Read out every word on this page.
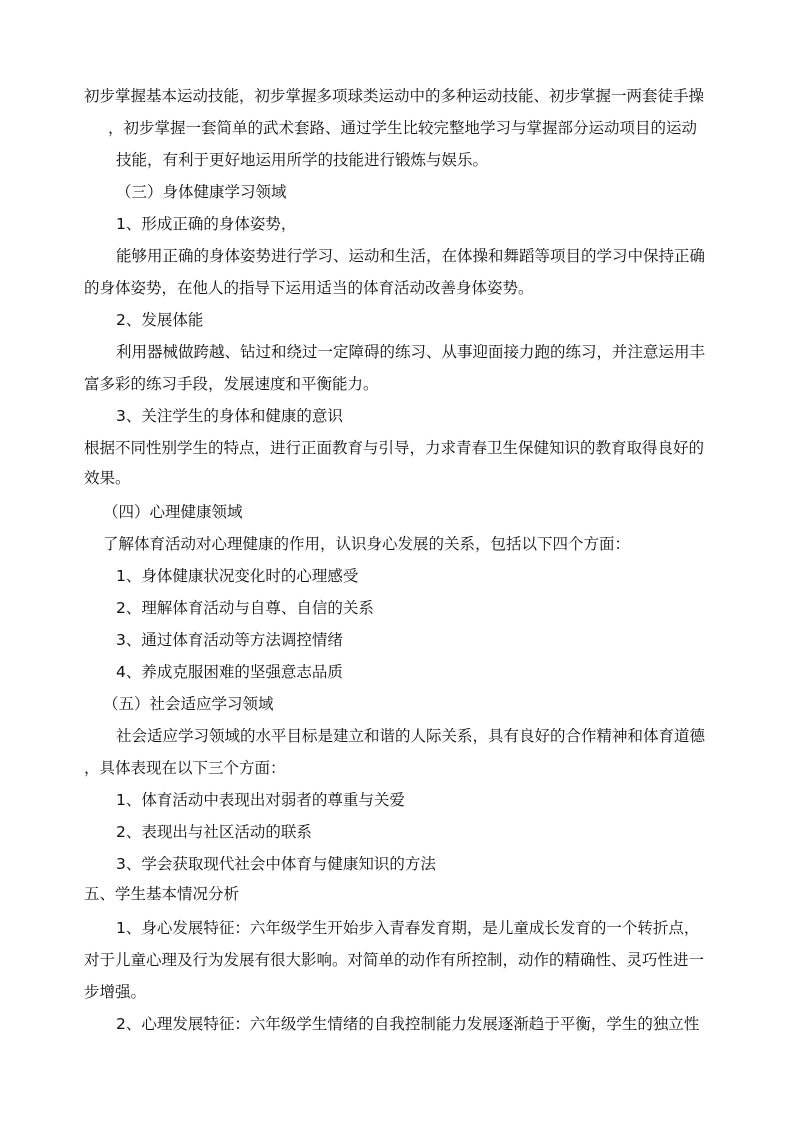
初步掌握基本运动技能，初步掌握多项球类运动中的多种运动技能、初步掌握一两套徒手操
，初步掌握一套简单的武术套路、通过学生比较完整地学习与掌握部分运动项目的运动
技能，有利于更好地运用所学的技能进行锻炼与娱乐。
（三）身体健康学习领域
1、形成正确的身体姿势，
能够用正确的身体姿势进行学习、运动和生活，在体操和舞蹈等项目的学习中保持正确
的身体姿势，在他人的指导下运用适当的体育活动改善身体姿势。
2、发展体能
利用器械做跨越、钻过和绕过一定障碍的练习、从事迎面接力跑的练习，并注意运用丰
富多彩的练习手段，发展速度和平衡能力。
3、关注学生的身体和健康的意识
根据不同性别学生的特点，进行正面教育与引导，力求青春卫生保健知识的教育取得良好的
效果。
（四）心理健康领域
了解体育活动对心理健康的作用，认识身心发展的关系，包括以下四个方面：
1、身体健康状况变化时的心理感受
2、理解体育活动与自尊、自信的关系
3、通过体育活动等方法调控情绪
4、养成克服困难的坚强意志品质
（五）社会适应学习领域
社会适应学习领域的水平目标是建立和谐的人际关系，具有良好的合作精神和体育道德
，具体表现在以下三个方面：
1、体育活动中表现出对弱者的尊重与关爱
2、表现出与社区活动的联系
3、学会获取现代社会中体育与健康知识的方法
五、学生基本情况分析
1、身心发展特征：六年级学生开始步入青春发育期，是儿童成长发育的一个转折点，
对于儿童心理及行为发展有很大影响。对简单的动作有所控制，动作的精确性、灵巧性进一
步增强。
2、心理发展特征：六年级学生情绪的自我控制能力发展逐渐趋于平衡，学生的独立性
